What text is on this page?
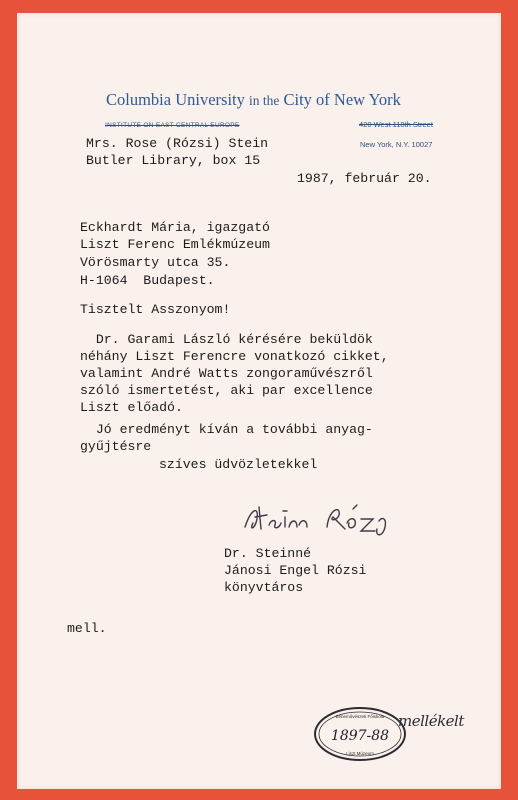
Columbia University in the City of New York
INSTITUTE ON EAST CENTRAL EUROPE	420 West 118th Street
New York, N.Y. 10027
Mrs. Rose (Rózsi) Stein
Butler Library, box 15
1987, február 20.
Eckhardt Mária, igazgató
Liszt Ferenc Emlékmúzeum
Vörösmarty utca 35.
H-1064  Budapest.
Tisztelt Asszonyom!
Dr. Garami László kérésére beküldök
néhány Liszt Ferencre vonatkozó cikket,
valamint André Watts zongoraművészről
szóló ismertetést, aki par excellence
Liszt előadó.
Jó eredményt kíván a további anyag-
gyűjtésre
szíves üdvözletekkel
Dr. Steinné
Jánosi Engel Rózsi
könyvtáros
mell.
Zeneművészeti Főiskola
1897-88
Liszt Múzeum
mellékelt
